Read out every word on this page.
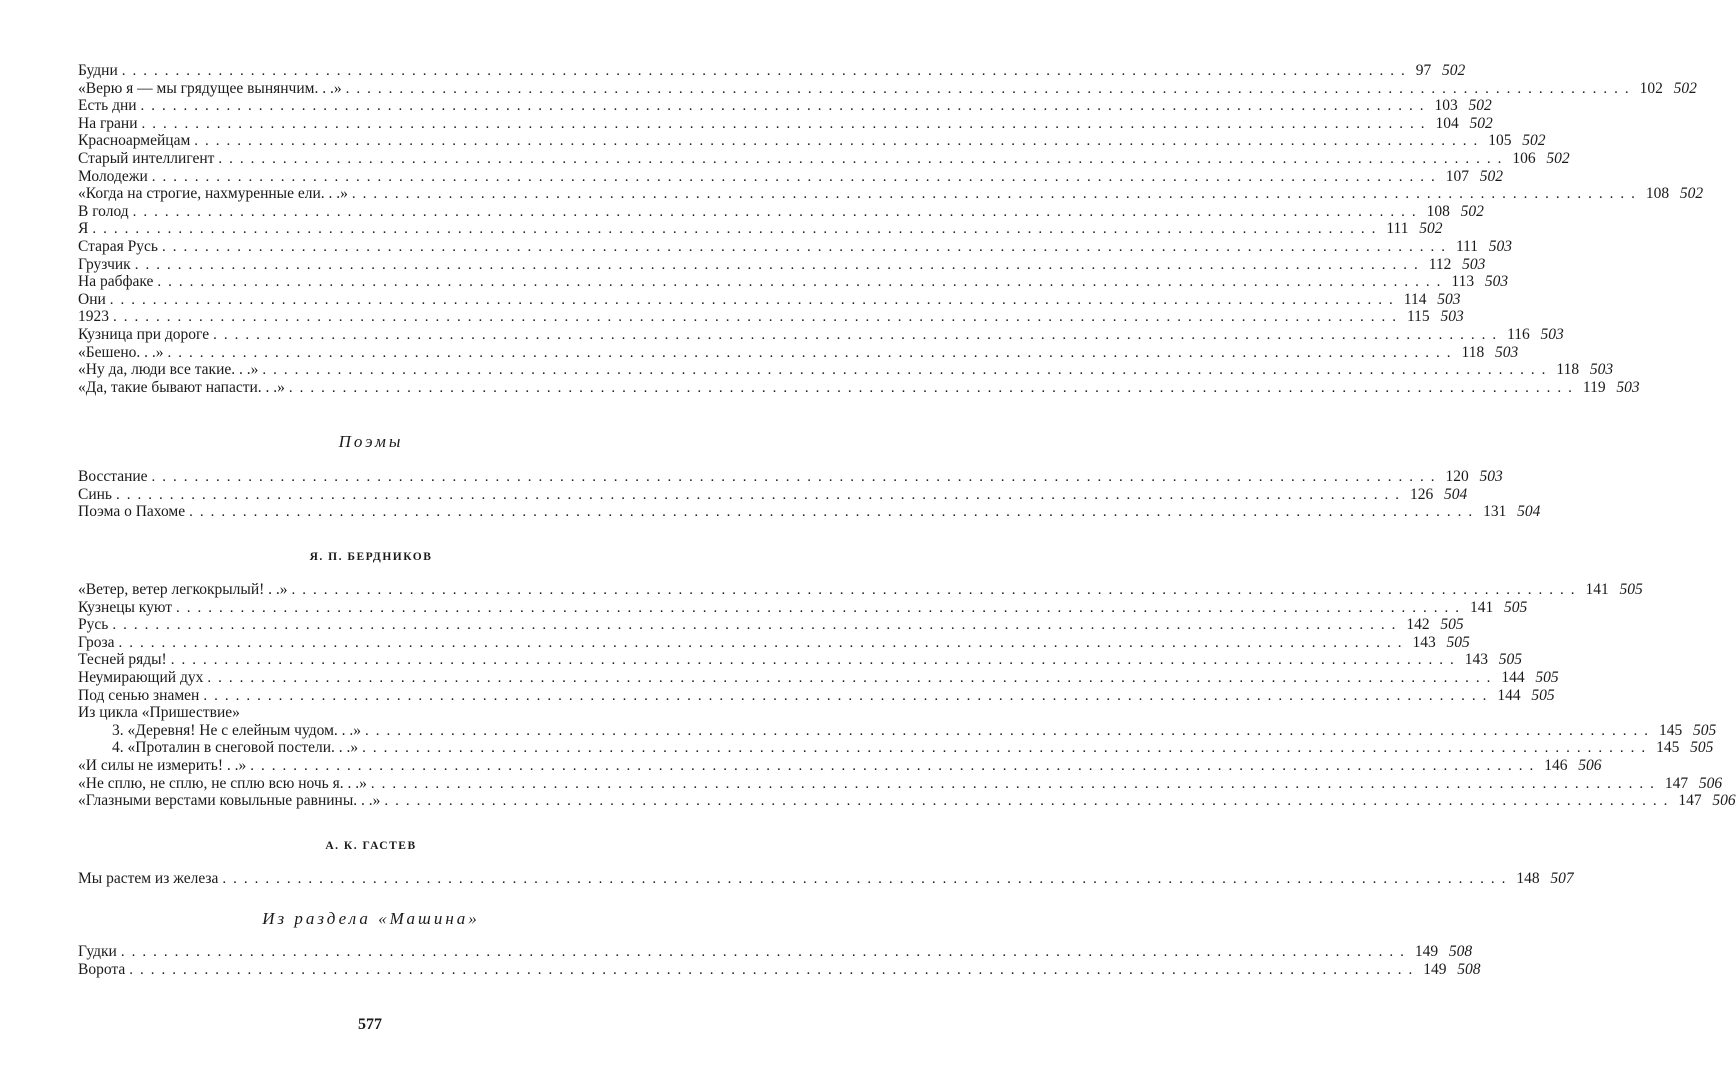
Будни ........................................................................................................................ 97 502
«Верю я — мы грядущее вынянчим. . .» ........................................................................................................................ 102 502
Есть дни ........................................................................................................................ 103 502
На грани ........................................................................................................................ 104 502
Красноармейцам ........................................................................................................................ 105 502
Старый интеллигент ........................................................................................................................ 106 502
Молодежи ........................................................................................................................ 107 502
«Когда на строгие, нахмуренные ели. . .» ........................................................................................................................ 108 502
В голод ........................................................................................................................ 108 502
Я ........................................................................................................................ 111 502
Старая Русь ........................................................................................................................ 111 503
Грузчик ........................................................................................................................ 112 503
На рабфаке ........................................................................................................................ 113 503
Они ........................................................................................................................ 114 503
1923 ........................................................................................................................ 115 503
Кузница при дороге ........................................................................................................................ 116 503
«Бешено. . .» ........................................................................................................................ 118 503
«Ну да, люди все такие. . .» ........................................................................................................................ 118 503
«Да, такие бывают напасти. . .» ........................................................................................................................ 119 503
Поэмы
Восстание ........................................................................................................................ 120 503
Синь ........................................................................................................................ 126 504
Поэма о Пахоме ........................................................................................................................ 131 504
Я. П. БЕРДНИКОВ
«Ветер, ветер легкокрылый! . .» ........................................................................................................................ 141 505
Кузнецы куют ........................................................................................................................ 141 505
Русь ........................................................................................................................ 142 505
Гроза ........................................................................................................................ 143 505
Тесней ряды! ........................................................................................................................ 143 505
Неумирающий дух ........................................................................................................................ 144 505
Под сенью знамен ........................................................................................................................ 144 505
Из цикла «Пришествие»
3. «Деревня! Не с елейным чудом. . .» ........................................................................................................................ 145 505
4. «Проталин в снеговой постели. . .» ........................................................................................................................ 145 505
«И силы не измерить! . .» ........................................................................................................................ 146 506
«Не сплю, не сплю, не сплю всю ночь я. . .» ........................................................................................................................ 147 506
«Глазными верстами ковыльные равнины. . .» ........................................................................................................................ 147 506
А. К. ГАСТЕВ
Мы растем из железа ........................................................................................................................ 148 507
Из раздела «Машина»
Гудки ........................................................................................................................ 149 508
Ворота ........................................................................................................................ 149 508
577
